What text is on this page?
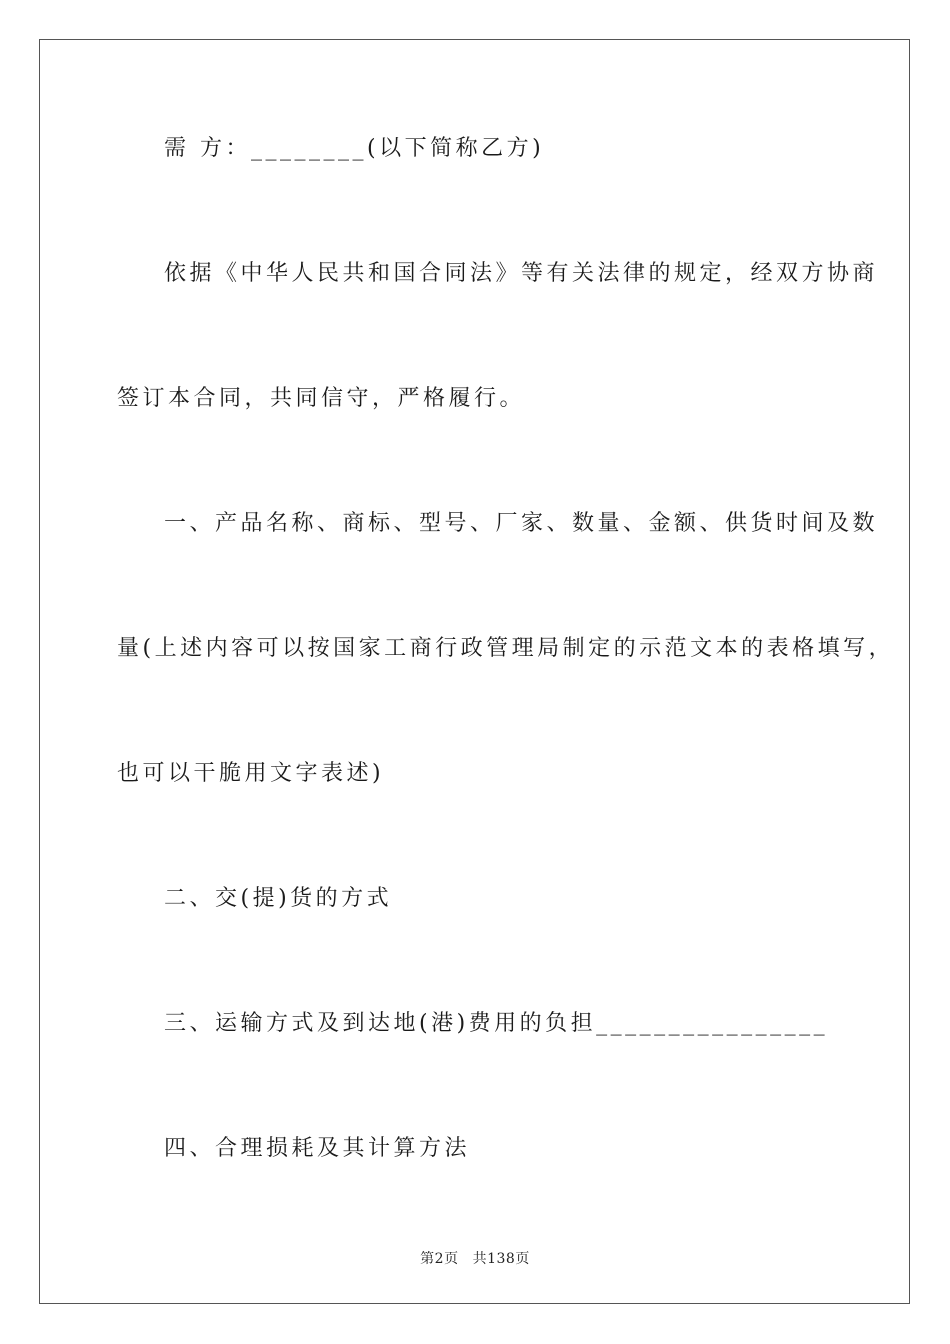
需 方：________(以下简称乙方)
依据《中华人民共和国合同法》等有关法律的规定，经双方协商
签订本合同，共同信守，严格履行。
一、产品名称、商标、型号、厂家、数量、金额、供货时间及数
量(上述内容可以按国家工商行政管理局制定的示范文本的表格填写，
也可以干脆用文字表述)
二、交(提)货的方式
三、运输方式及到达地(港)费用的负担________________
四、合理损耗及其计算方法
第2页 共138页
